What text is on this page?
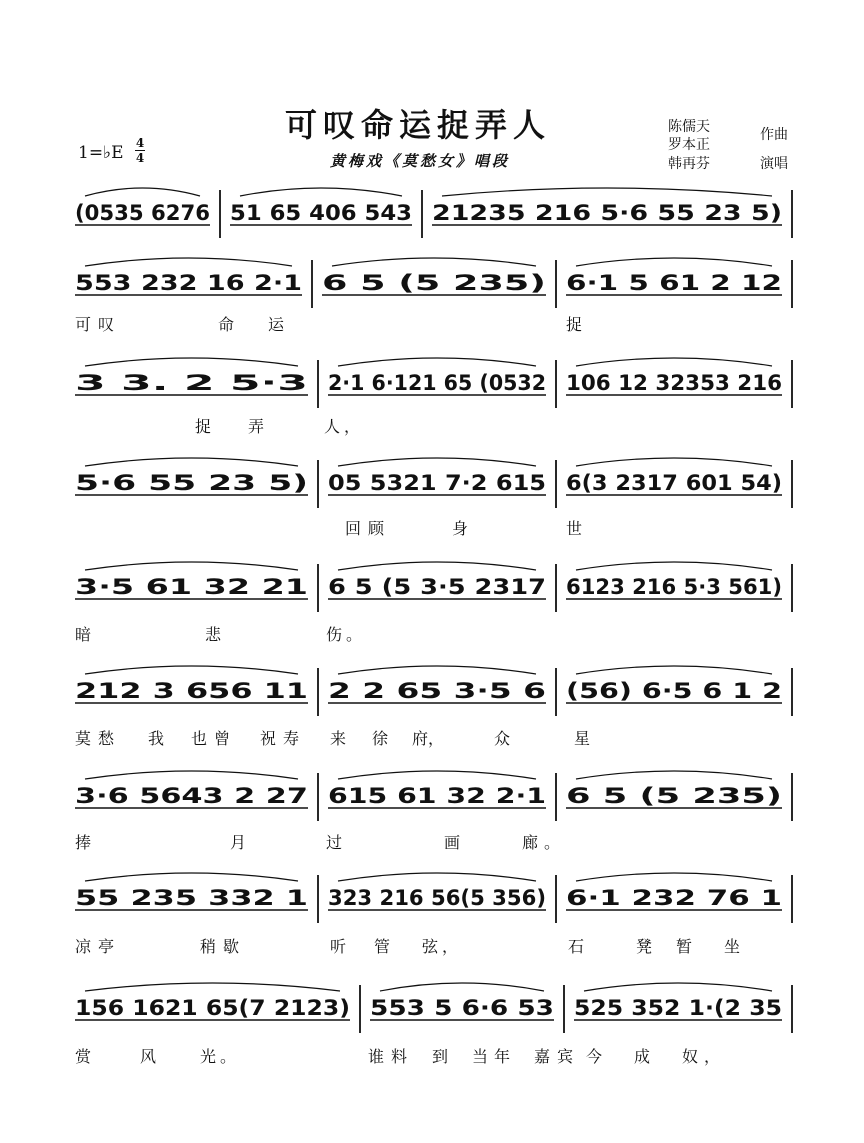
可叹命运捉弄人
黄梅戏《莫愁女》唱段
1=♭E 4
4
陈儒天
罗本正
作曲
韩再芬	演唱
(0535 6276 51 65 406 543 21235 216 5·6 55 23 5)
553 232 16 2·1 6 5 (5 235) 6·1 5 61 2 12
3 3. 2 5·3 2·1 6·121 65 (0532 106 12 32353 216
5·6 55 23 5) 05 5321 7·2 615 6(3 2317 601 54)
3·5 61 32 21 6 5 (5 3·5 2317 6123 216 5·3 561)
212 3 656 11 2 2 65 3·5 6 (56) 6·5 6 1 2
3·6 5643 2 27 615 61 32 2·1 6 5 (5 235)
55 235 332 1 323 216 56(5 356) 6·1 232 76 1
156 1621 65(7 2123) 553 5 6·6 53 525 352 1·(2 35
可 叹	命 运	捉
捉 弄	人 ，
回 顾	身	世
暗	悲	伤 。
莫 愁 我 也 曾 祝 寿 来 徐 府 ，	众	星
捧	月	过	画	廊 。
凉 亭	稍 歇	听 管 弦 ，	石	凳 暂 坐
赏	风	光 。	谁 料 到 当 年 嘉 宾 今 成 奴 ，
